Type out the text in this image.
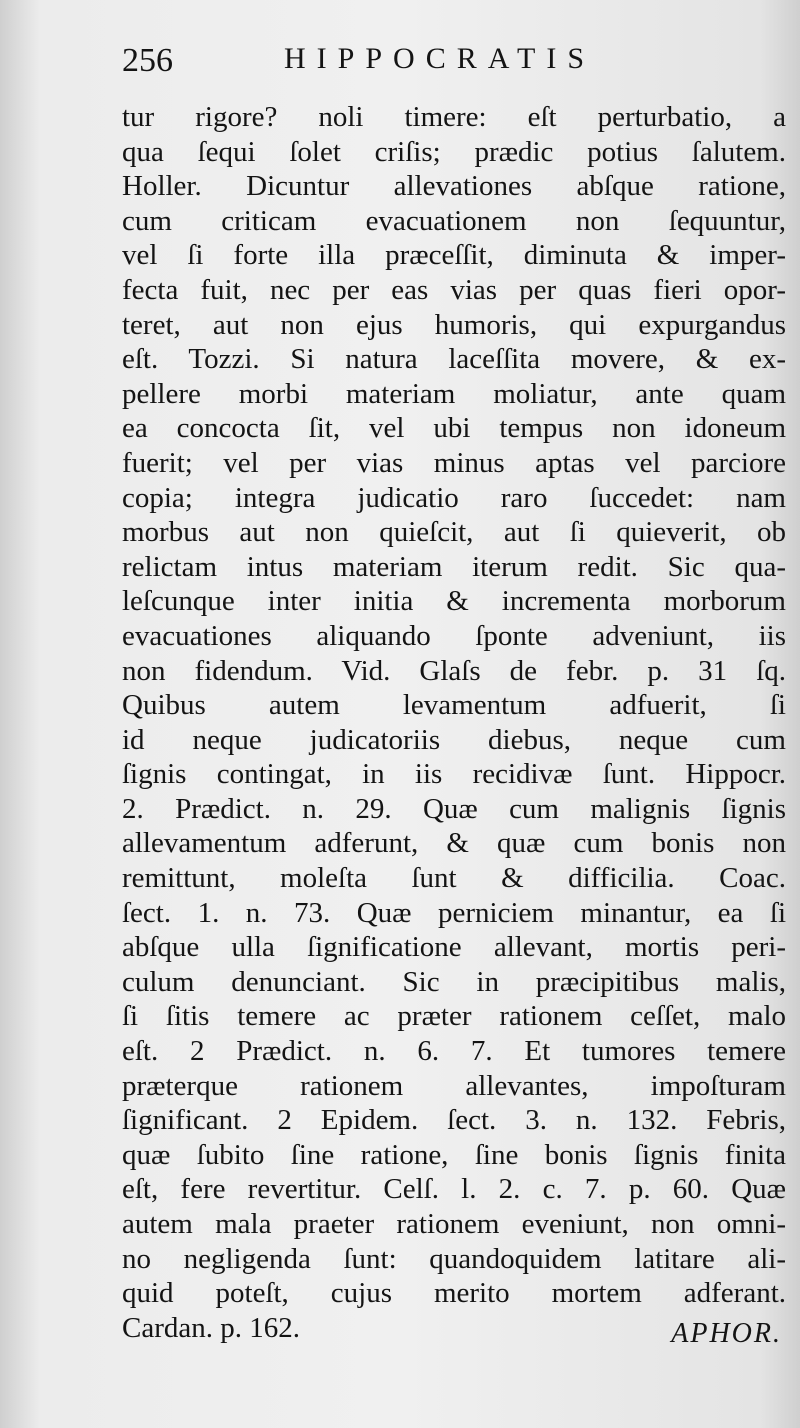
256	HIPPOCRATIS
tur rigore? noli timere: eſt perturbatio, a
qua ſequi ſolet criſis; prædic potius ſalutem.
Holler. Dicuntur allevationes abſque ratione,
cum criticam evacuationem non ſequuntur,
vel ſi forte illa præceſſit, diminuta & imper-
fecta fuit, nec per eas vias per quas fieri opor-
teret, aut non ejus humoris, qui expurgandus
eſt. Tozzi. Si natura laceſſita movere, & ex-
pellere morbi materiam moliatur, ante quam
ea concocta ſit, vel ubi tempus non idoneum
fuerit; vel per vias minus aptas vel parciore
copia; integra judicatio raro ſuccedet: nam
morbus aut non quieſcit, aut ſi quieverit, ob
relictam intus materiam iterum redit. Sic qua-
leſcunque inter initia & incrementa morborum
evacuationes aliquando ſponte adveniunt, iis
non fidendum. Vid. Glaſs de febr. p. 31 ſq.
Quibus autem levamentum adfuerit, ſi
id neque judicatoriis diebus, neque cum
ſignis contingat, in iis recidivæ ſunt. Hippocr.
2. Prædict. n. 29. Quæ cum malignis ſignis
allevamentum adferunt, & quæ cum bonis non
remittunt, moleſta ſunt & difficilia. Coac.
ſect. 1. n. 73. Quæ perniciem minantur, ea ſi
abſque ulla ſignificatione allevant, mortis peri-
culum denunciant. Sic in præcipitibus malis,
ſi ſitis temere ac præter rationem ceſſet, malo
eſt. 2 Prædict. n. 6. 7. Et tumores temere
præterque rationem allevantes, impoſturam
ſignificant. 2 Epidem. ſect. 3. n. 132. Febris,
quæ ſubito ſine ratione, ſine bonis ſignis finita
eſt, fere revertitur. Celſ. l. 2. c. 7. p. 60. Quæ
autem mala praeter rationem eveniunt, non omni-
no negligenda ſunt: quandoquidem latitare ali-
quid poteſt, cujus merito mortem adferant.
Cardan. p. 162.	APHOR.
